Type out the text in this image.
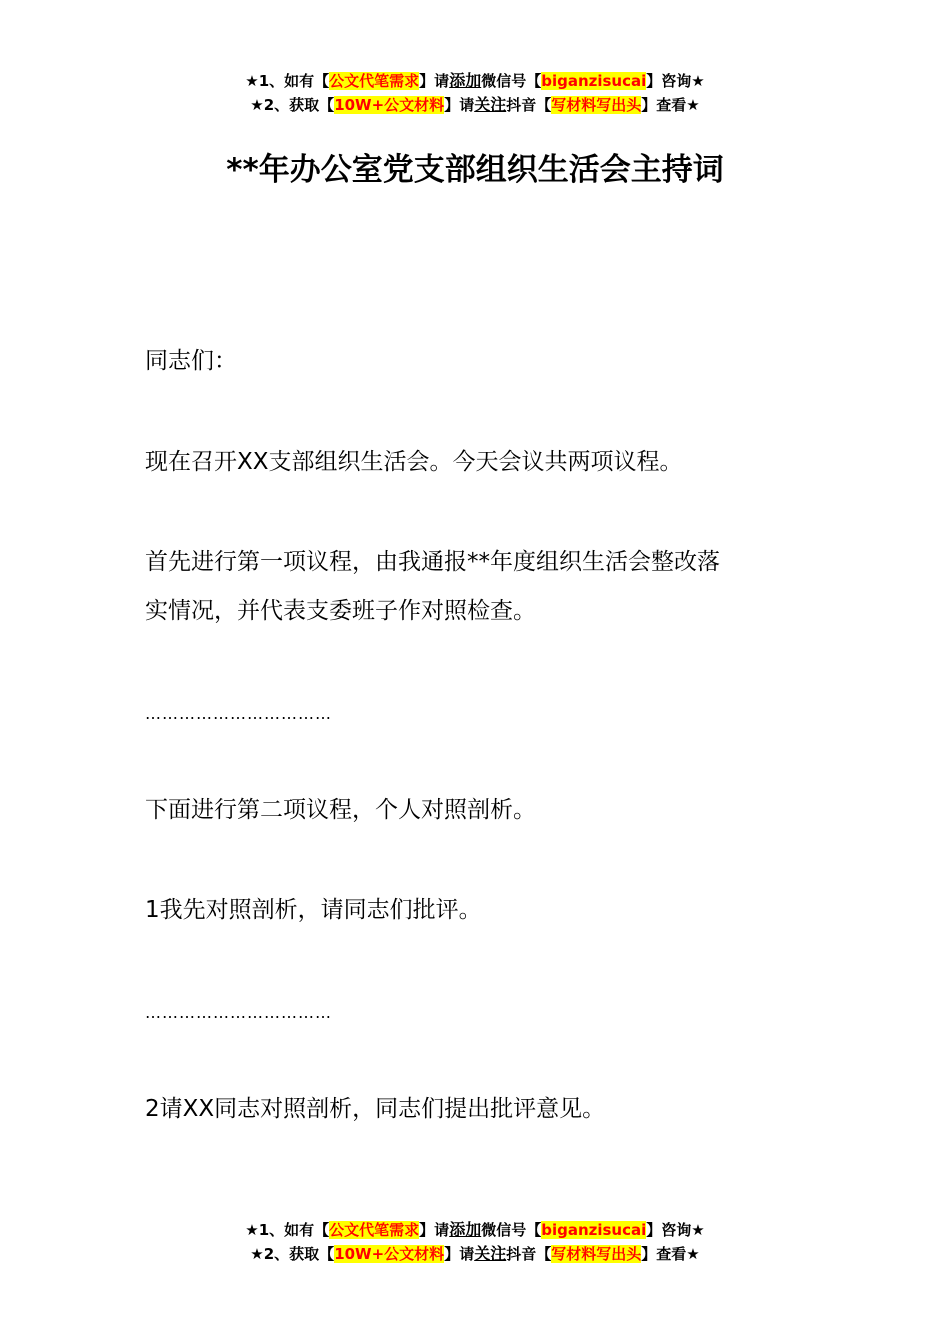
★1、如有【公文代笔需求】请添加微信号【biganzisucai】咨询★
★2、获取【10W+公文材料】请关注抖音【写材料写出头】查看★
**年办公室党支部组织生活会主持词
同志们：
现在召开XX支部组织生活会。今天会议共两项议程。
首先进行第一项议程，由我通报**年度组织生活会整改落
实情况，并代表支委班子作对照检查。
……………………………
下面进行第二项议程，个人对照剖析。
1我先对照剖析，请同志们批评。
……………………………
2请XX同志对照剖析，同志们提出批评意见。
★1、如有【公文代笔需求】请添加微信号【biganzisucai】咨询★
★2、获取【10W+公文材料】请关注抖音【写材料写出头】查看★
